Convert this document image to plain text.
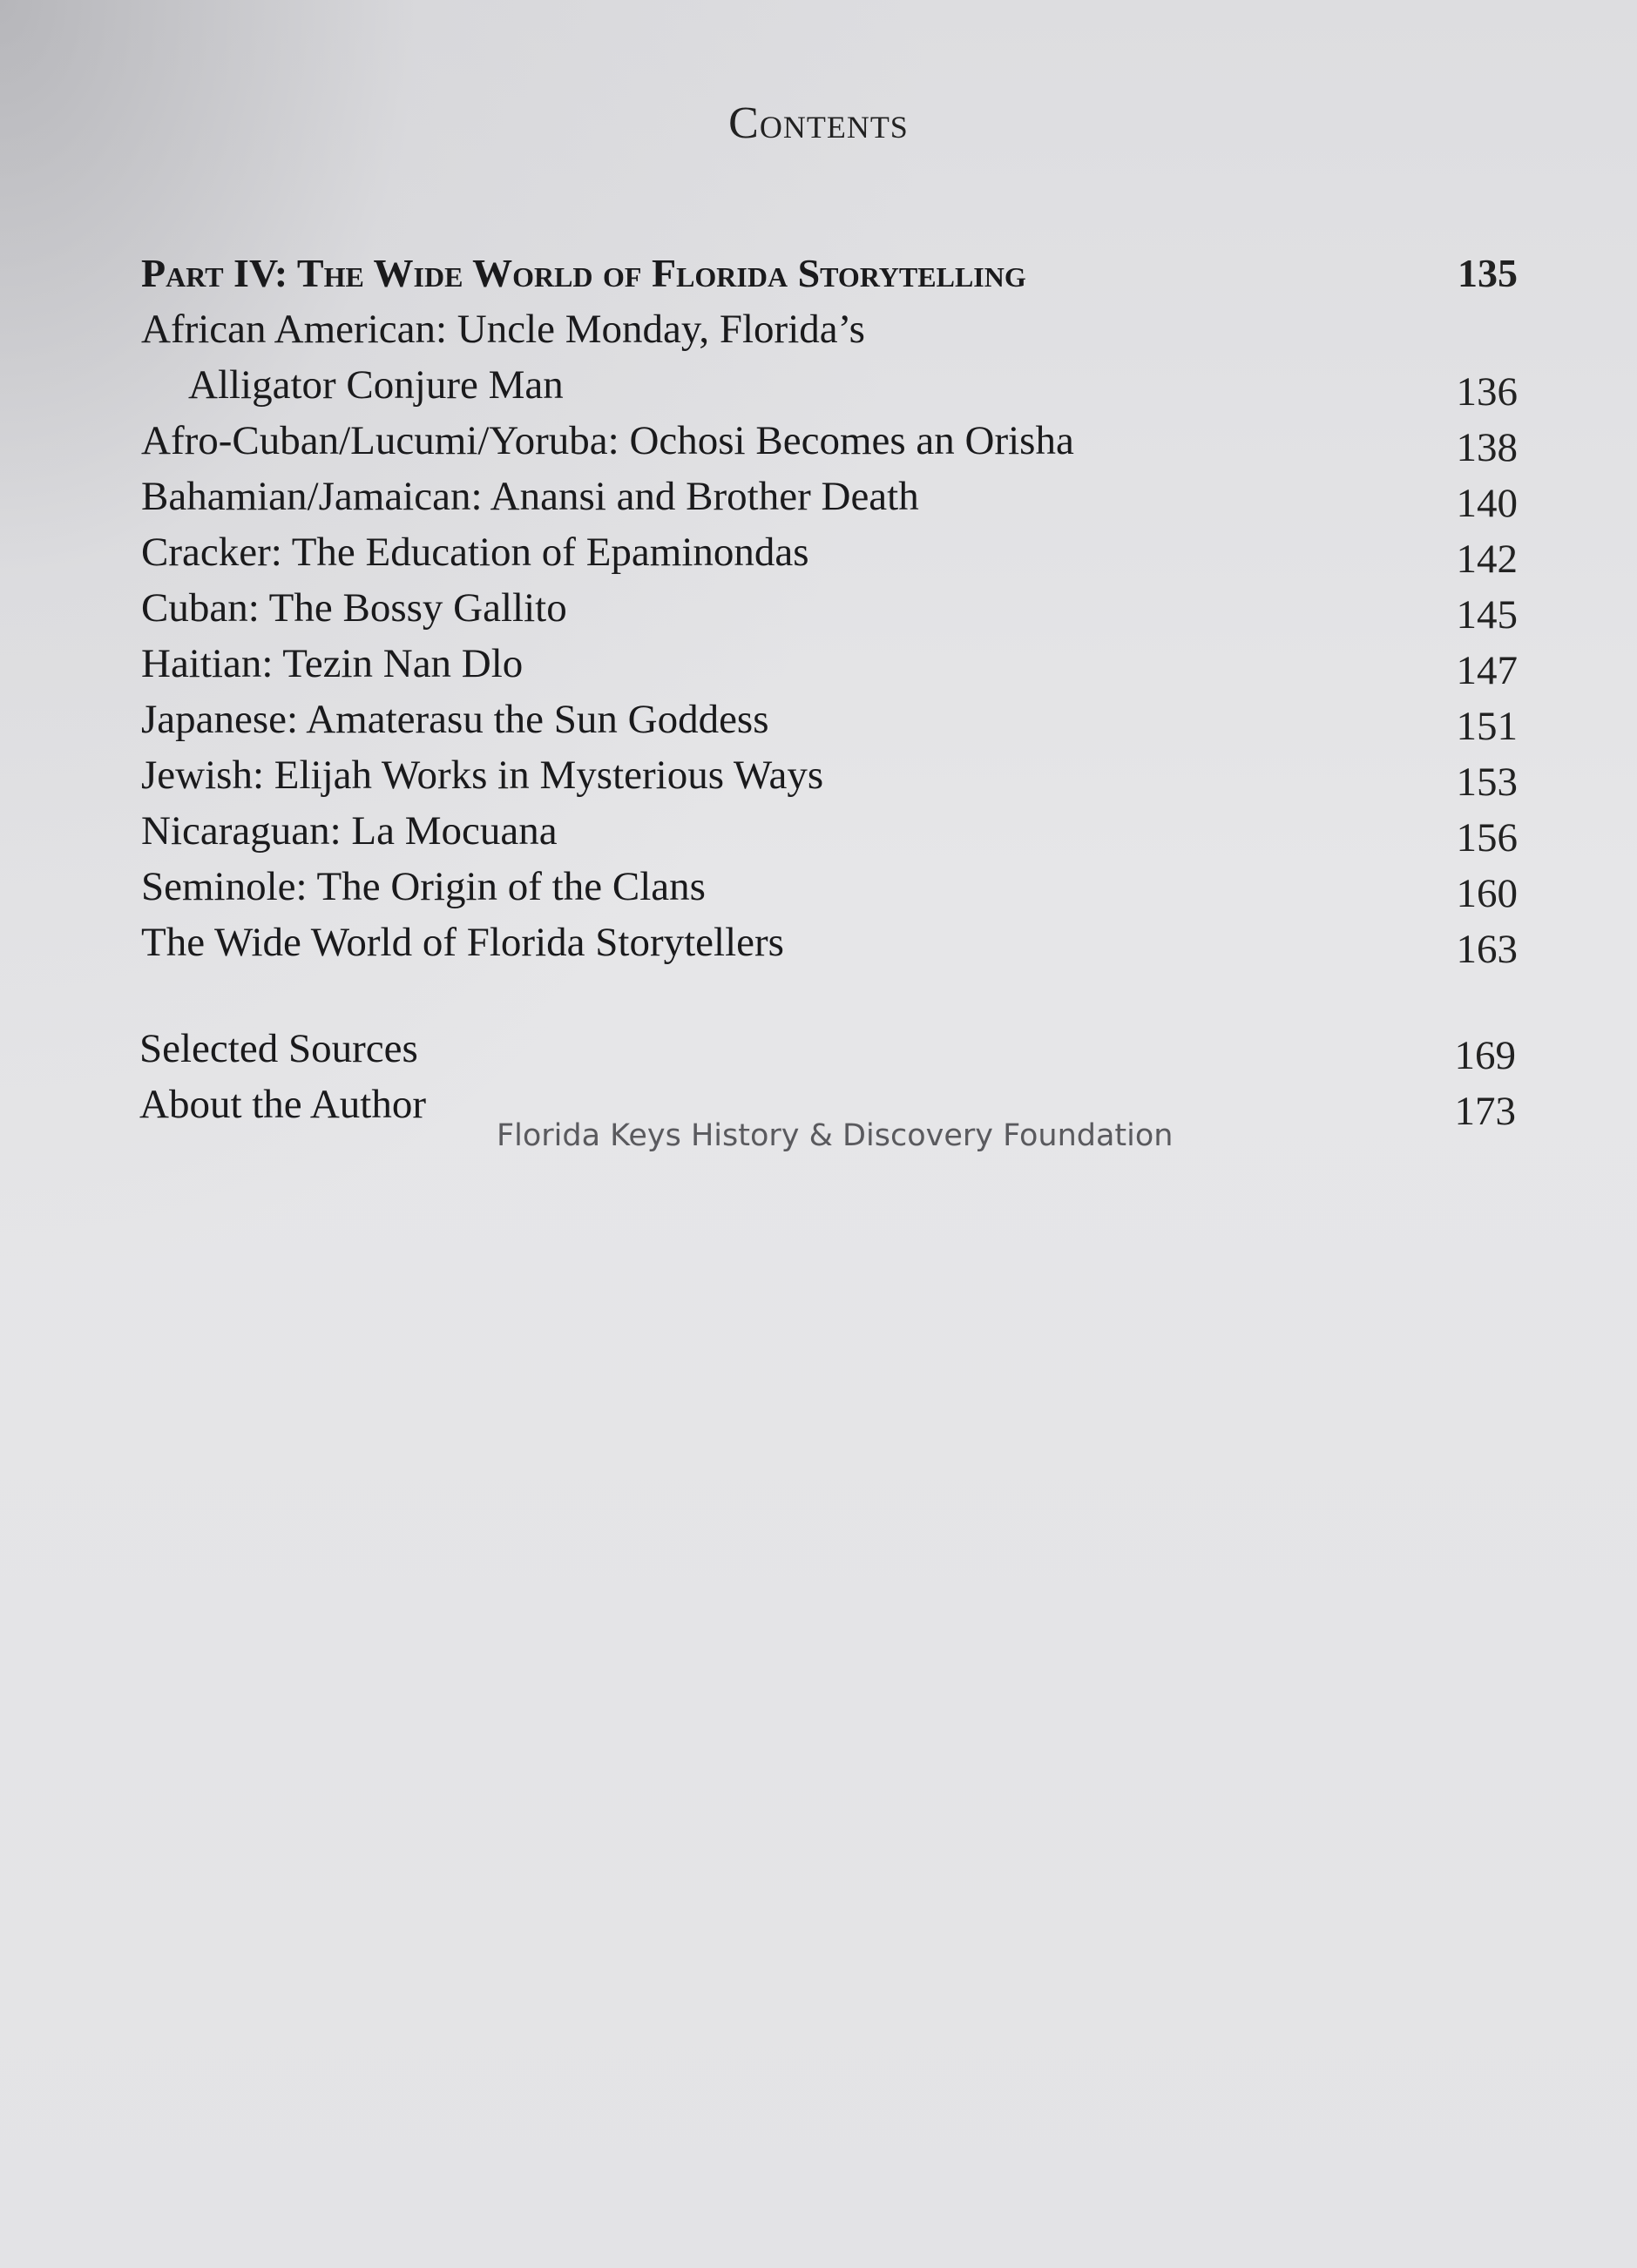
Contents
Part IV: The Wide World of Florida Storytelling	135
African American: Uncle Monday, Florida’s
Alligator Conjure Man	136
Afro-Cuban/Lucumi/Yoruba: Ochosi Becomes an Orisha	138
Bahamian/Jamaican: Anansi and Brother Death	140
Cracker: The Education of Epaminondas	142
Cuban: The Bossy Gallito	145
Haitian: Tezin Nan Dlo	147
Japanese: Amaterasu the Sun Goddess	151
Jewish: Elijah Works in Mysterious Ways	153
Nicaraguan: La Mocuana	156
Seminole: The Origin of the Clans	160
The Wide World of Florida Storytellers	163
Selected Sources	169
About the Author	173
Florida Keys History & Discovery Foundation
